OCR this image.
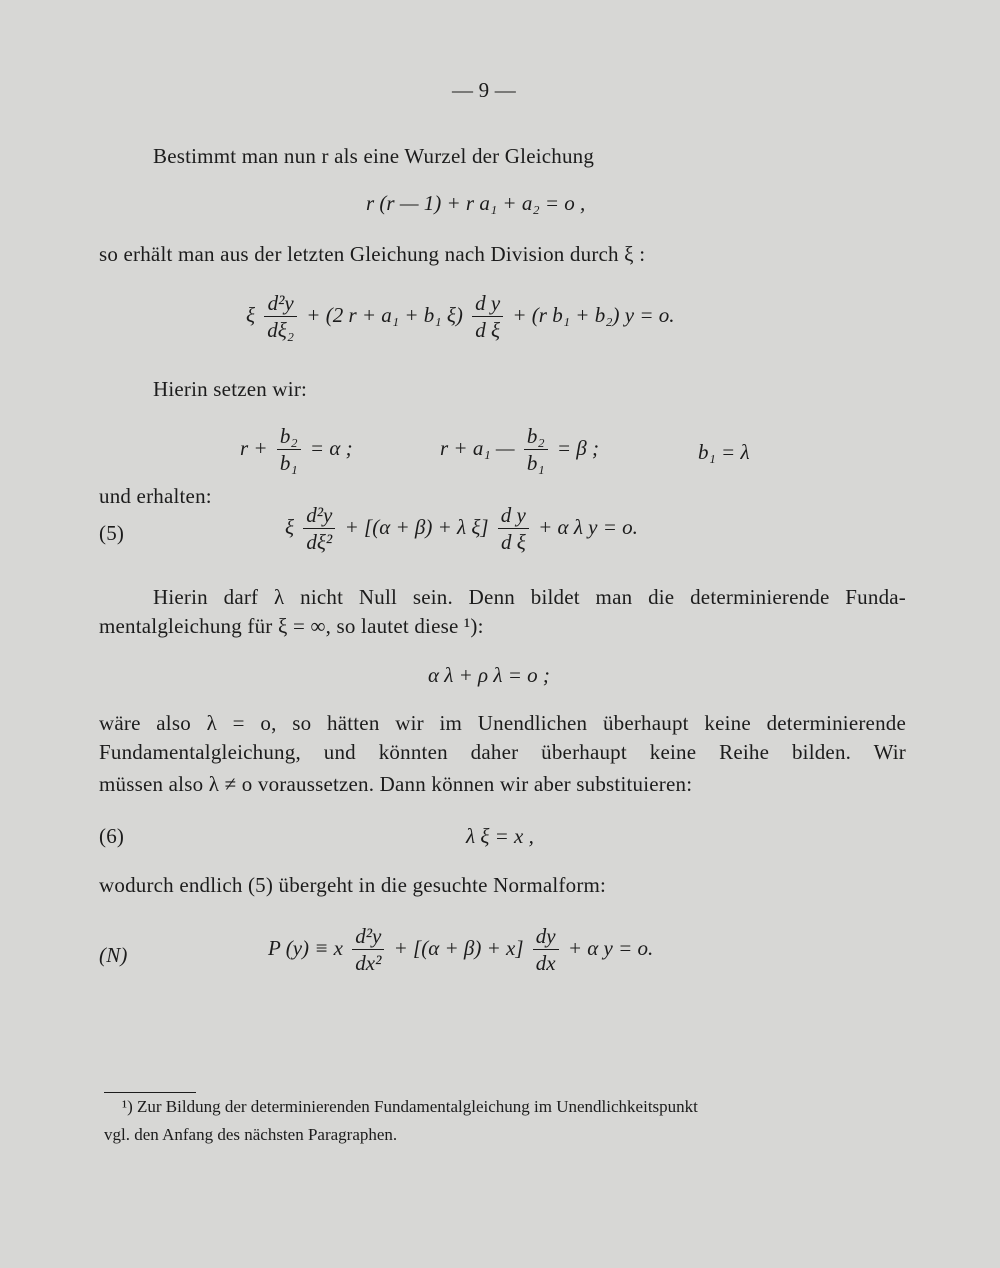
— 9 —
Bestimmt man nun r als eine Wurzel der Gleichung
r (r — 1) + r a₁ + a₂ = o ,
so erhält man aus der letzten Gleichung nach Division durch ξ :
ξ $\frac{\text{d²y}}{\text{dξ₂}} + (2$ r + a₁ + b₁ $\xi) \frac{\text{d y}}{\text{d ξ}} + (r$ b₁ + b₂) y = o.
Hierin setzen wir:
$r + \frac{\text{b₂}}{\text{b₁}} = \alpha$ ;	r + a₁ — $\frac{\text{b₂}}{\text{b₁}} = \beta$ ;	b₁ = λ
und erhalten:
(5)	ξ $\frac{\text{d²y}}{\text{dξ²}} + [(\alpha + \beta) + \lambda$ $\xi] \frac{\text{d y}}{\text{d ξ}} + \alpha$ λ y = o.
Hierin darf λ nicht Null sein. Denn bildet man die determinierende Funda-
mentalgleichung für ξ = ∞, so lautet diese ¹):
α λ + ρ λ = o ;
wäre also λ = o, so hätten wir im Unendlichen überhaupt keine determinierende
Fundamentalgleichung, und könnten daher überhaupt keine Reihe bilden. Wir
müssen also λ ≠ o voraussetzen. Dann können wir aber substituieren:
(6)	λ ξ = x ,
wodurch endlich (5) übergeht in die gesuchte Normalform:
(N)	P (y) ≡ x $\frac{\text{d²y}}{\text{dx²}} + [(\alpha + \beta) + x] \frac{dy}{dx} + \alpha$ y = o.
¹) Zur Bildung der determinierenden Fundamentalgleichung im Unendlichkeitspunkt
vgl. den Anfang des nächsten Paragraphen.
